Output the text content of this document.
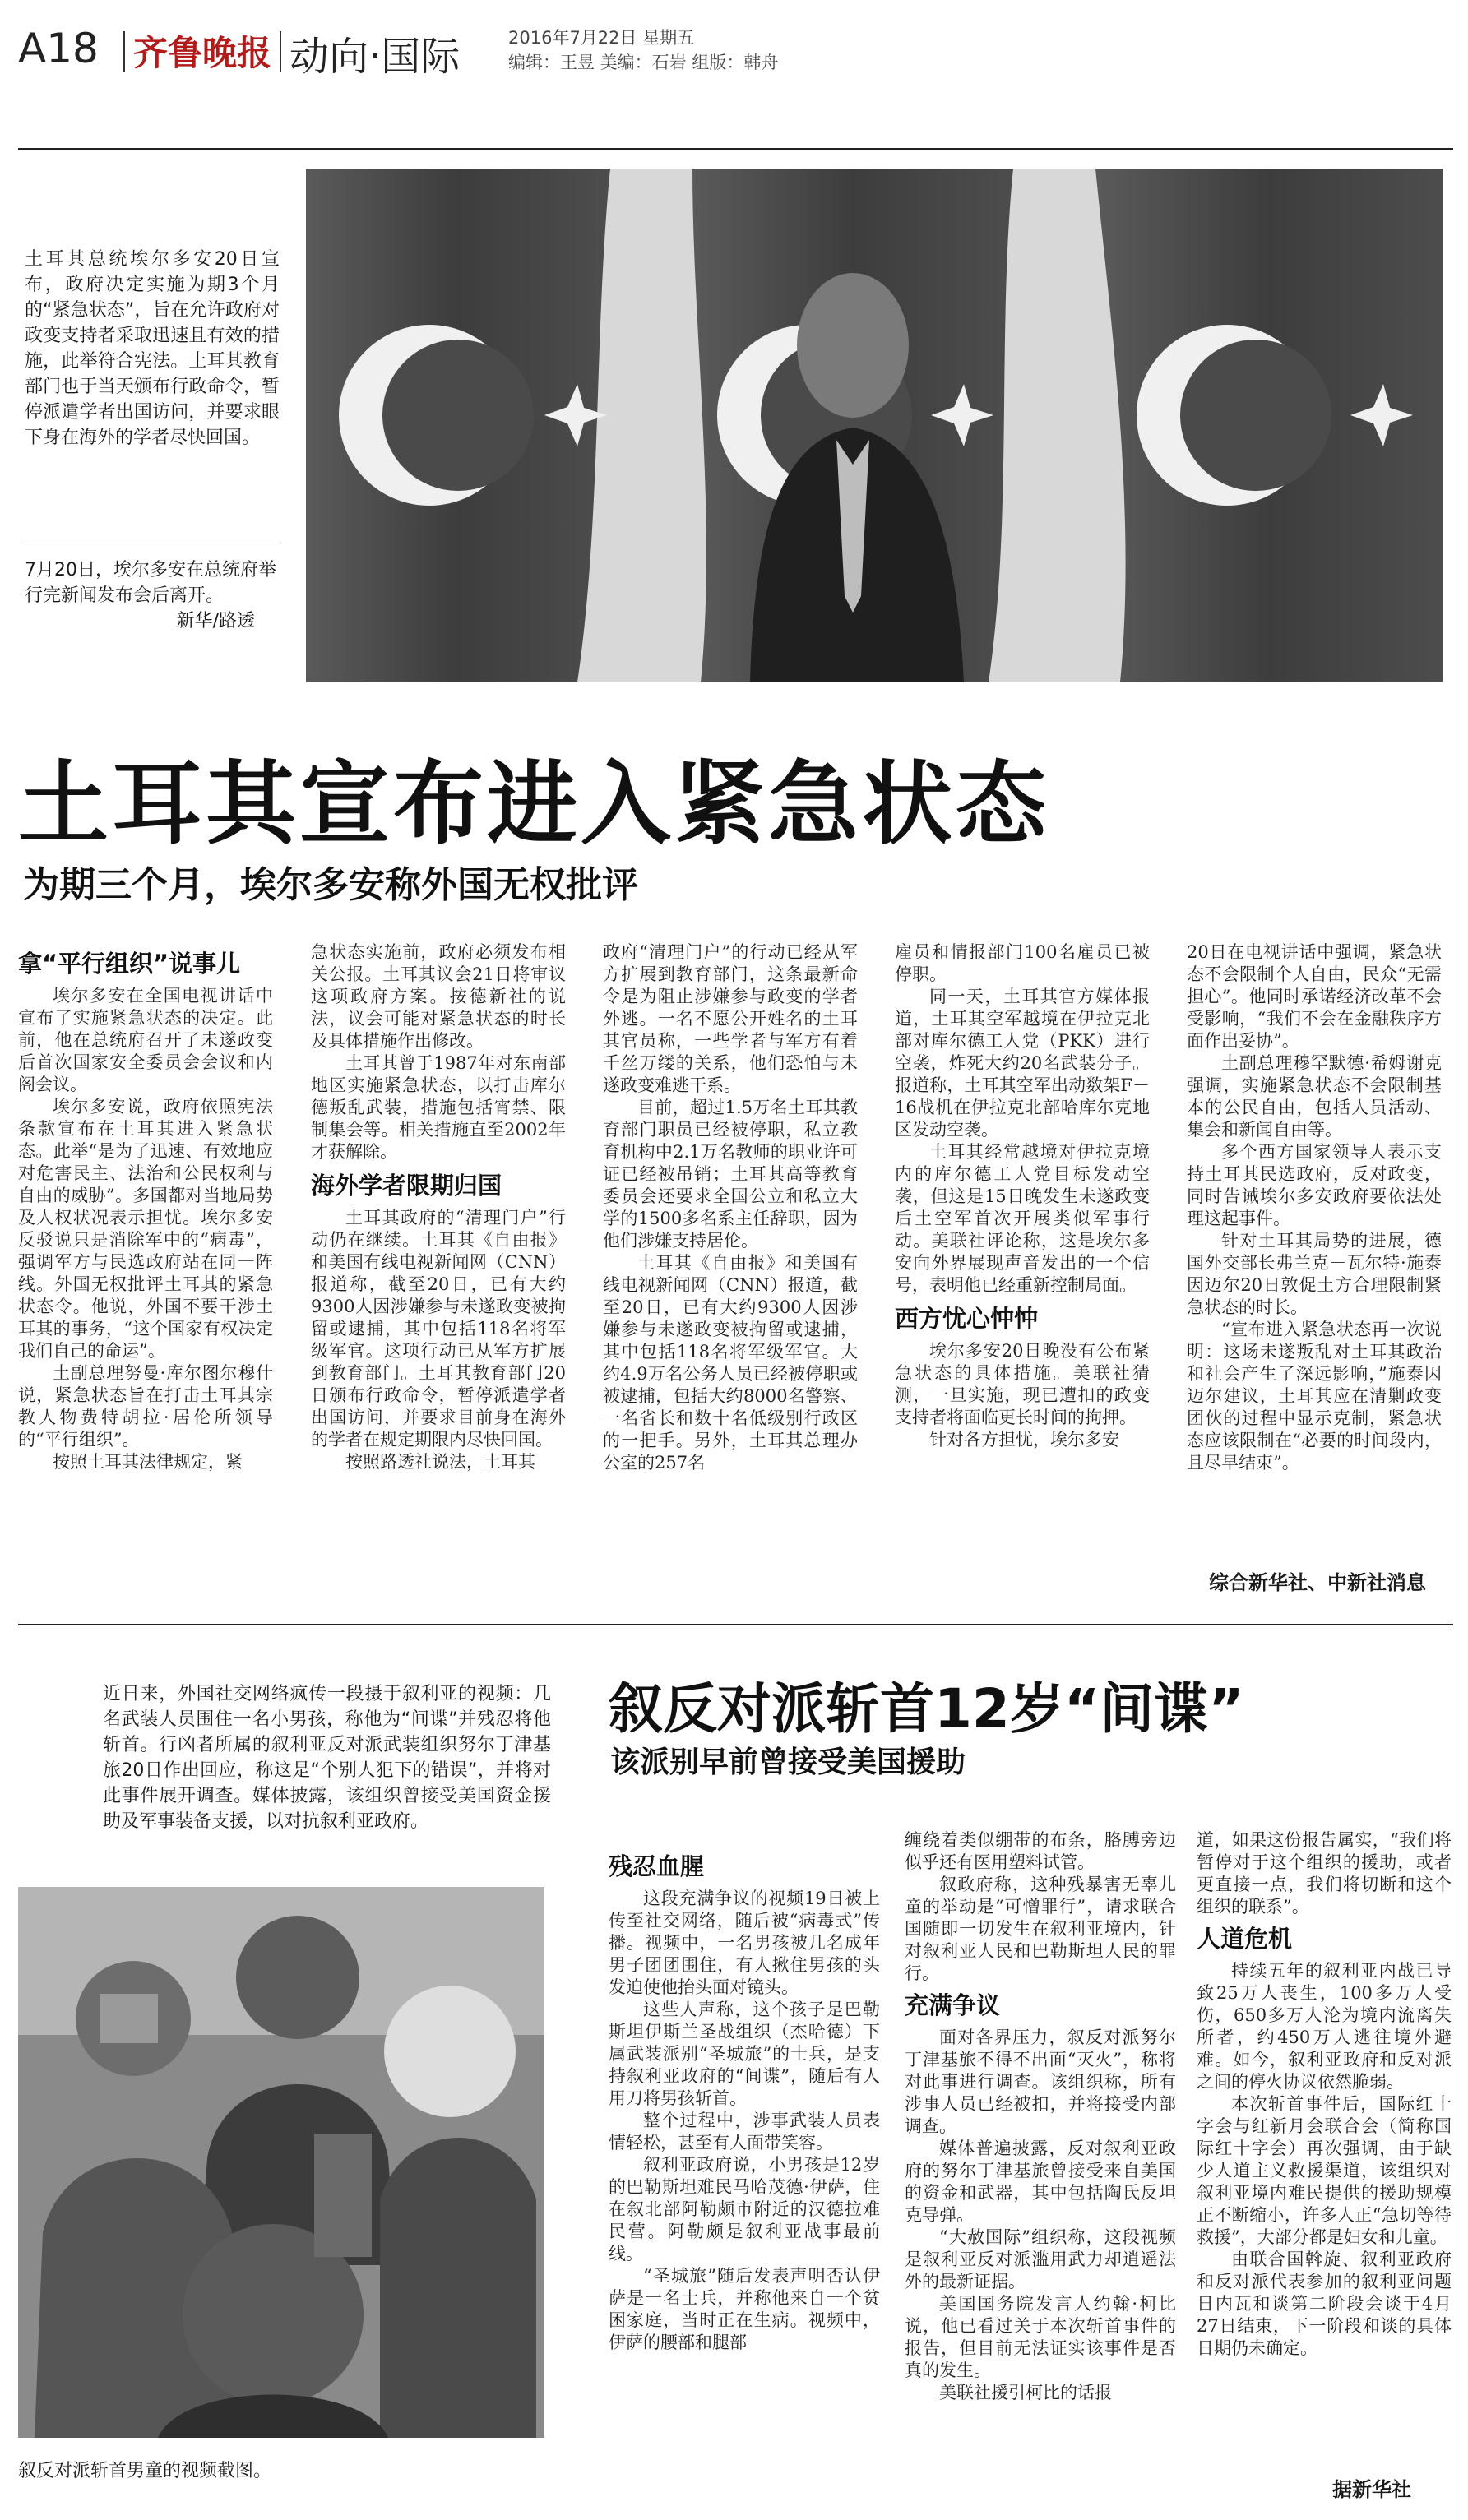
A18 齐鲁晚报 动向·国际	2016年7月22日 星期五
编辑：王昱 美编：石岩 组版：韩舟
土耳其总统埃尔多安20日宣布，政府决定实施为期3个月的“紧急状态”，旨在允许政府对政变支持者采取迅速且有效的措施，此举符合宪法。土耳其教育部门也于当天颁布行政命令，暂停派遣学者出国访问，并要求眼下身在海外的学者尽快回国。
7月20日，埃尔多安在总统府举行完新闻发布会后离开。
新华/路透
土耳其宣布进入紧急状态
为期三个月，埃尔多安称外国无权批评
拿“平行组织”说事儿

埃尔多安在全国电视讲话中宣布了实施紧急状态的决定。此前，他在总统府召开了未遂政变后首次国家安全委员会会议和内阁会议。

埃尔多安说，政府依照宪法条款宣布在土耳其进入紧急状态。此举“是为了迅速、有效地应对危害民主、法治和公民权利与自由的威胁”。多国都对当地局势及人权状况表示担忧。埃尔多安反驳说只是消除军中的“病毒”，强调军方与民选政府站在同一阵线。外国无权批评土耳其的紧急状态令。他说，外国不要干涉土耳其的事务，“这个国家有权决定我们自己的命运”。

土副总理努曼·库尔图尔穆什说，紧急状态旨在打击土耳其宗教人物费特胡拉·居伦所领导的“平行组织”。

按照土耳其法律规定，紧

急状态实施前，政府必须发布相关公报。土耳其议会21日将审议这项政府方案。按德新社的说法，议会可能对紧急状态的时长及具体措施作出修改。

土耳其曾于1987年对东南部地区实施紧急状态，以打击库尔德叛乱武装，措施包括宵禁、限制集会等。相关措施直至2002年才获解除。

海外学者限期归国

土耳其政府的“清理门户”行动仍在继续。土耳其《自由报》和美国有线电视新闻网（CNN）报道称，截至20日，已有大约9300人因涉嫌参与未遂政变被拘留或逮捕，其中包括118名将军级军官。这项行动已从军方扩展到教育部门。土耳其教育部门20日颁布行政命令，暂停派遣学者出国访问，并要求目前身在海外的学者在规定期限内尽快回国。

按照路透社说法，土耳其

政府“清理门户”的行动已经从军方扩展到教育部门，这条最新命令是为阻止涉嫌参与政变的学者外逃。一名不愿公开姓名的土耳其官员称，一些学者与军方有着千丝万缕的关系，他们恐怕与未遂政变难逃干系。

目前，超过1.5万名土耳其教育部门职员已经被停职，私立教育机构中2.1万名教师的职业许可证已经被吊销；土耳其高等教育委员会还要求全国公立和私立大学的1500多名系主任辞职，因为他们涉嫌支持居伦。

土耳其《自由报》和美国有线电视新闻网（CNN）报道，截至20日，已有大约9300人因涉嫌参与未遂政变被拘留或逮捕，其中包括118名将军级军官。大约4.9万名公务人员已经被停职或被逮捕，包括大约8000名警察、一名省长和数十名低级别行政区的一把手。另外，土耳其总理办公室的257名

雇员和情报部门100名雇员已被停职。

同一天，土耳其官方媒体报道，土耳其空军越境在伊拉克北部对库尔德工人党（PKK）进行空袭，炸死大约20名武装分子。报道称，土耳其空军出动数架F－16战机在伊拉克北部哈库尔克地区发动空袭。

土耳其经常越境对伊拉克境内的库尔德工人党目标发动空袭，但这是15日晚发生未遂政变后土空军首次开展类似军事行动。美联社评论称，这是埃尔多安向外界展现声音发出的一个信号，表明他已经重新控制局面。

西方忧心忡忡

埃尔多安20日晚没有公布紧急状态的具体措施。美联社猜测，一旦实施，现已遭扣的政变支持者将面临更长时间的拘押。

针对各方担忧，埃尔多安

20日在电视讲话中强调，紧急状态不会限制个人自由，民众“无需担心”。他同时承诺经济改革不会受影响，“我们不会在金融秩序方面作出妥协”。

土副总理穆罕默德·希姆谢克强调，实施紧急状态不会限制基本的公民自由，包括人员活动、集会和新闻自由等。

多个西方国家领导人表示支持土耳其民选政府，反对政变，同时告诫埃尔多安政府要依法处理这起事件。

针对土耳其局势的进展，德国外交部长弗兰克－瓦尔特·施泰因迈尔20日敦促土方合理限制紧急状态的时长。

“宣布进入紧急状态再一次说明：这场未遂叛乱对土耳其政治和社会产生了深远影响，”施泰因迈尔建议，土耳其应在清剿政变团伙的过程中显示克制，紧急状态应该限制在“必要的时间段内，且尽早结束”。

综合新华社、中新社消息
近日来，外国社交网络疯传一段摄于叙利亚的视频：几名武装人员围住一名小男孩，称他为“间谍”并残忍将他斩首。行凶者所属的叙利亚反对派武装组织努尔丁津基旅20日作出回应，称这是“个别人犯下的错误”，并将对此事件展开调查。媒体披露，该组织曾接受美国资金援助及军事装备支援，以对抗叙利亚政府。
叙反对派斩首男童的视频截图。
叙反对派斩首12岁“间谍”
该派别早前曾接受美国援助
残忍血腥

这段充满争议的视频19日被上传至社交网络，随后被“病毒式”传播。视频中，一名男孩被几名成年男子团团围住，有人揪住男孩的头发迫使他抬头面对镜头。

这些人声称，这个孩子是巴勒斯坦伊斯兰圣战组织（杰哈德）下属武装派别“圣城旅”的士兵，是支持叙利亚政府的“间谍”，随后有人用刀将男孩斩首。

整个过程中，涉事武装人员表情轻松，甚至有人面带笑容。

叙利亚政府说，小男孩是12岁的巴勒斯坦难民马哈茂德·伊萨，住在叙北部阿勒颇市附近的汉德拉难民营。阿勒颇是叙利亚战事最前线。

“圣城旅”随后发表声明否认伊萨是一名士兵，并称他来自一个贫困家庭，当时正在生病。视频中，伊萨的腰部和腿部

缠绕着类似绷带的布条，胳膊旁边似乎还有医用塑料试管。

叙政府称，这种残暴害无辜儿童的举动是“可憎罪行”，请求联合国随即一切发生在叙利亚境内，针对叙利亚人民和巴勒斯坦人民的罪行。

充满争议

面对各界压力，叙反对派努尔丁津基旅不得不出面“灭火”，称将对此事进行调查。该组织称，所有涉事人员已经被扣，并将接受内部调查。

媒体普遍披露，反对叙利亚政府的努尔丁津基旅曾接受来自美国的资金和武器，其中包括陶氏反坦克导弹。

“大赦国际”组织称，这段视频是叙利亚反对派滥用武力却逍遥法外的最新证据。

美国国务院发言人约翰·柯比说，他已看过关于本次斩首事件的报告，但目前无法证实该事件是否真的发生。

美联社援引柯比的话报

道，如果这份报告属实，“我们将暂停对于这个组织的援助，或者更直接一点，我们将切断和这个组织的联系”。

人道危机

持续五年的叙利亚内战已导致25万人丧生，100多万人受伤，650多万人沦为境内流离失所者，约450万人逃往境外避难。如今，叙利亚政府和反对派之间的停火协议依然脆弱。

本次斩首事件后，国际红十字会与红新月会联合会（简称国际红十字会）再次强调，由于缺少人道主义救援渠道，该组织对叙利亚境内难民提供的援助规模正不断缩小，许多人正“急切等待救援”，大部分都是妇女和儿童。

由联合国斡旋、叙利亚政府和反对派代表参加的叙利亚问题日内瓦和谈第二阶段会谈于4月27日结束，下一阶段和谈的具体日期仍未确定。

据新华社
